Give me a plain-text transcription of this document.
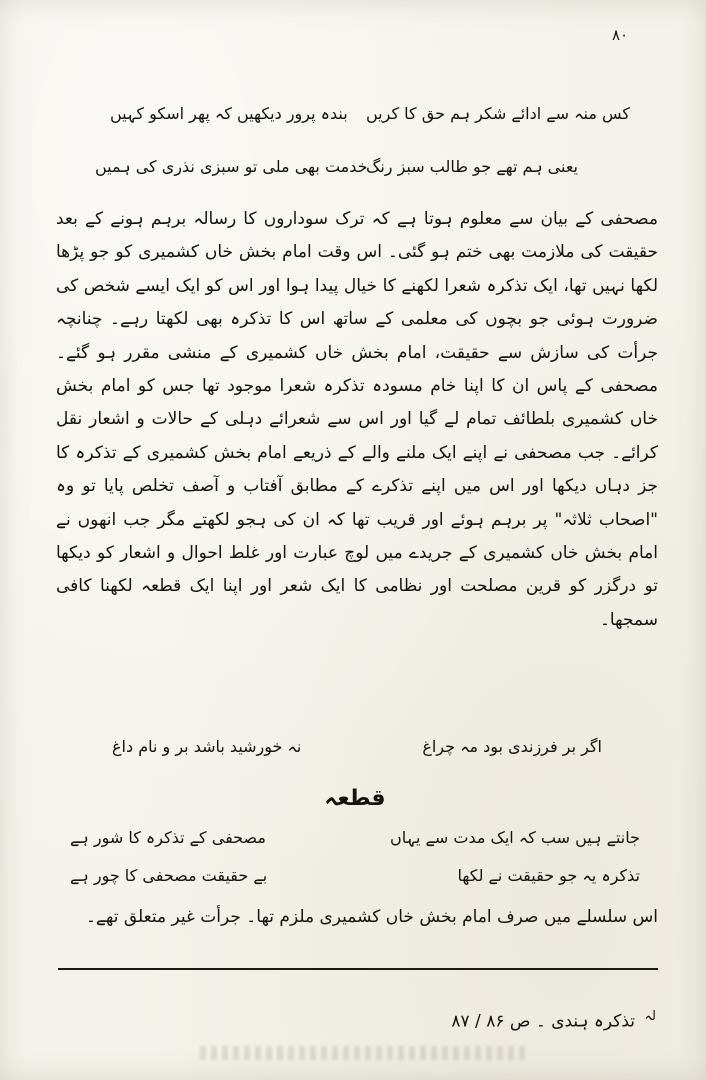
۸۰
کس منہ سے ادائے شکر ہم حق کا کریں
بندہ پرور دیکھیں کہ پھر اسکو کہیں
یعنی ہم تھے جو طالب سبز رنگ
خدمت بھی ملی تو سبزی نذری کی ہمیں

مصحفی کے بیان سے معلوم ہوتا ہے کہ ترک سوداروں کا رسالہ برہم ہونے کے بعد حقیقت کی ملازمت بھی ختم ہو گئی۔ اس وقت امام بخش خاں کشمیری کو جو پڑھا لکھا نہیں تھا، ایک تذکرہ شعرا لکھنے کا خیال پیدا ہوا اور اس کو ایک ایسے شخص کی ضرورت ہوئی جو بچوں کی معلمی کے ساتھ اس کا تذکرہ بھی لکھتا رہے۔ چنانچہ جرأت کی سازش سے حقیقت، امام بخش خاں کشمیری کے منشی مقرر ہو گئے۔ مصحفی کے پاس ان کا اپنا خام مسودہ تذکرہ شعرا موجود تھا جس کو امام بخش خاں کشمیری بلطائف تمام لے گیا اور اس سے شعرائے دہلی کے حالات و اشعار نقل کرائے۔ جب مصحفی نے اپنے ایک ملنے والے کے ذریعے امام بخش کشمیری کے تذکرہ کا جز دہاں دیکھا اور اس میں اپنے تذکرے کے مطابق آفتاب و آصف تخلص پایا تو وہ "اصحاب ثلاثہ" پر برہم ہوئے اور قریب تھا کہ ان کی ہجو لکھتے مگر جب انھوں نے امام بخش خاں کشمیری کے جریدے میں لوچ عبارت اور غلط احوال و اشعار کو دیکھا تو درگزر کو قرین مصلحت اور نظامی کا ایک شعر اور اپنا ایک قطعہ لکھنا کافی سمجھا۔

اگر بر فرزندی بود مہ چراغ
نہ خورشید باشد بر و نام داغ
قطعہ
جانتے ہیں سب کہ ایک مدت سے یہاں
مصحفی کے تذکرہ کا شور ہے
تذکرہ یہ جو حقیقت نے لکھا
بے حقیقت مصحفی کا چور ہے
اس سلسلے میں صرف امام بخش خاں کشمیری ملزم تھا۔ جرأت غیر متعلق تھے۔
$^{لہ}$ تذکرہ ہندی ۔ ص ۸۶ / ۸۷
